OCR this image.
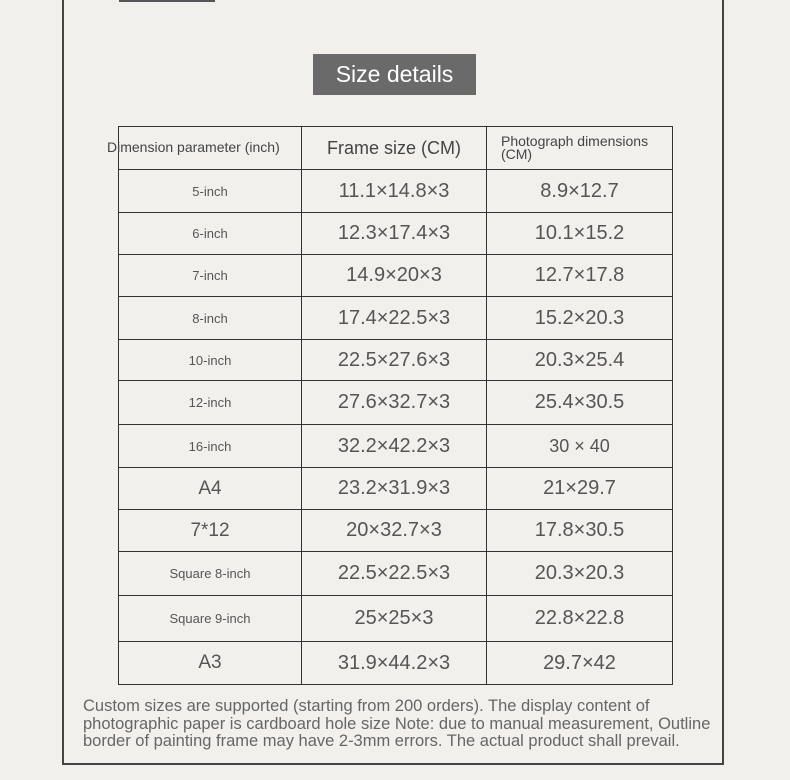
Size details
Dimension parameter (inch)	Frame size (CM)	Photograph dimensions (CM)
5-inch	11.1×14.8×3	8.9×12.7
6-inch	12.3×17.4×3	10.1×15.2
7-inch	14.9×20×3	12.7×17.8
8-inch	17.4×22.5×3	15.2×20.3
10-inch	22.5×27.6×3	20.3×25.4
12-inch	27.6×32.7×3	25.4×30.5
16-inch	32.2×42.2×3	30 × 40
A4	23.2×31.9×3	21×29.7
7*12	20×32.7×3	17.8×30.5
Square 8-inch	22.5×22.5×3	20.3×20.3
Square 9-inch	25×25×3	22.8×22.8
A3	31.9×44.2×3	29.7×42
Custom sizes are supported (starting from 200 orders). The display content of photographic paper is cardboard hole size Note: due to manual measurement, Outline border of painting frame may have 2-3mm errors. The actual product shall prevail.
